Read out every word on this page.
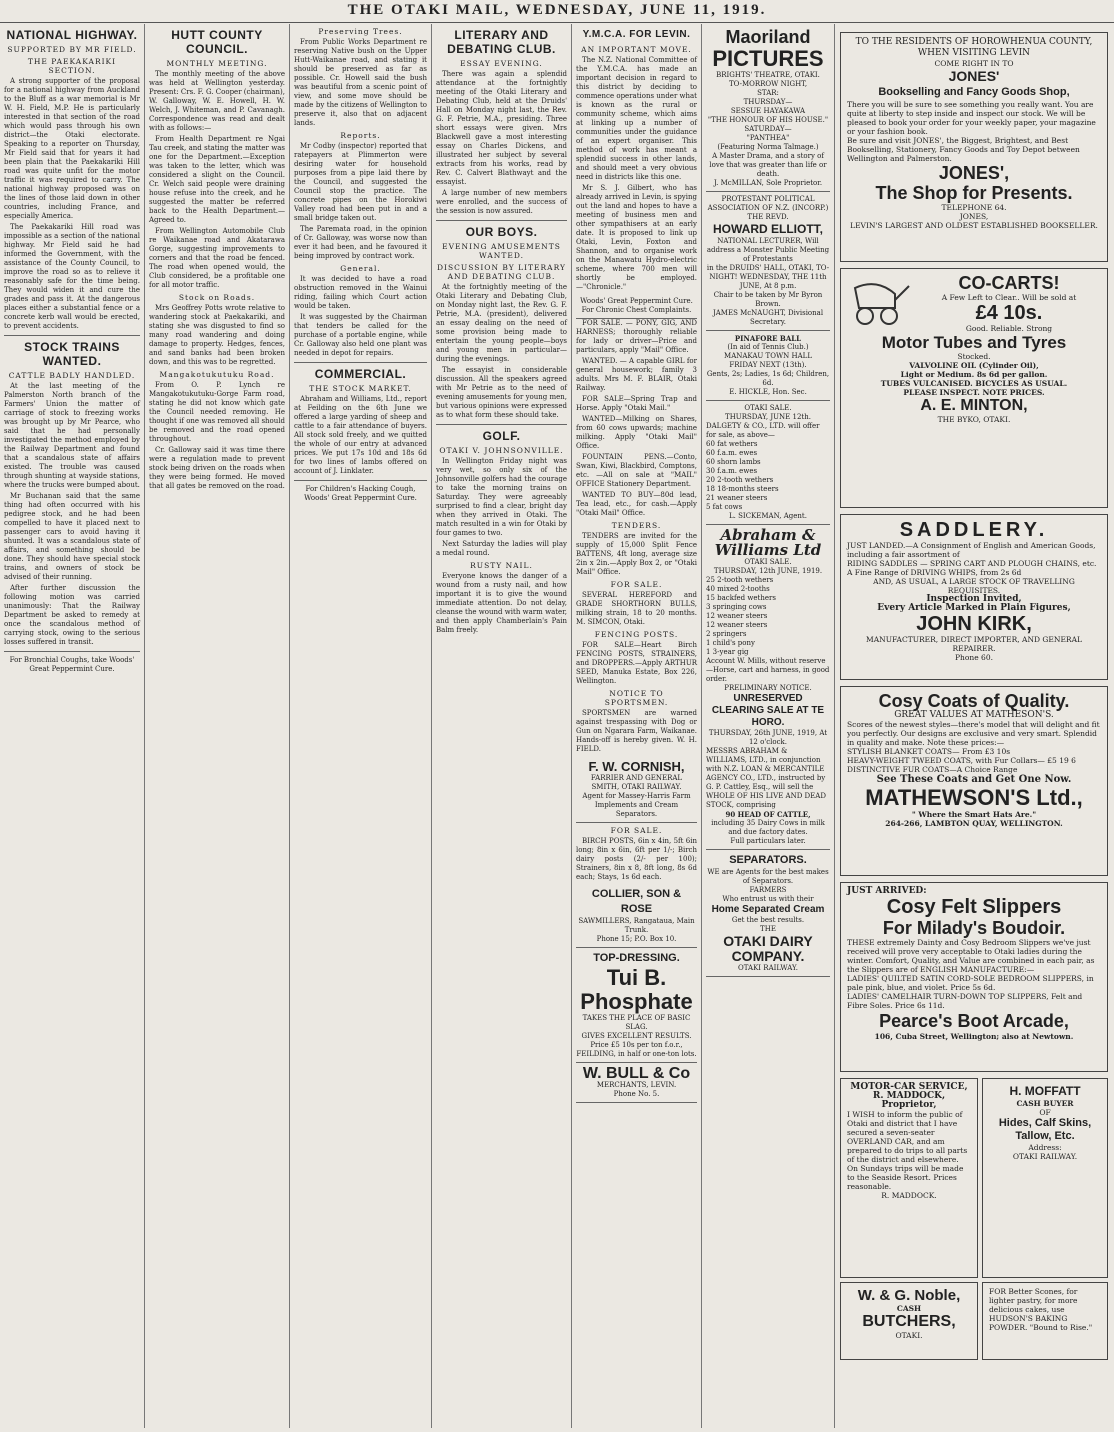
THE OTAKI MAIL, WEDNESDAY, JUNE 11, 1919.
NATIONAL HIGHWAY.
SUPPORTED BY MR FIELD.
THE PAEKAKARIKI SECTION.

A strong supporter of the proposal for a national highway from Auckland to the Bluff as a war memorial is Mr W. H. Field, M.P. He is particularly interested in that section of the road which would pass through his own district—the Otaki electorate. Speaking to a reporter on Thursday, Mr Field said that for years it had been plain that the Paekakariki Hill road was quite unfit for the motor traffic it was required to carry. The national highway proposed was on the lines of those laid down in other countries, including France, and especially America.

The Paekakariki Hill road was impossible as a section of the national highway. Mr Field said he had informed the Government, with the assistance of the County Council, to improve the road so as to relieve it reasonably safe for the time being. They would widen it and cure the grades and pass it. At the dangerous places either a substantial fence or a concrete kerb wall would be erected, to prevent accidents.

STOCK TRAINS WANTED.
CATTLE BADLY HANDLED.

At the last meeting of the Palmerston North branch of the Farmers' Union the matter of carriage of stock to freezing works was brought up by Mr Pearce, who said that he had personally investigated the method employed by the Railway Department and found that a scandalous state of affairs existed. The trouble was caused through shunting at wayside stations, where the trucks were bumped about.

Mr Buchanan said that the same thing had often occurred with his pedigree stock, and he had been compelled to have it placed next to passenger cars to avoid having it shunted. It was a scandalous state of affairs, and something should be done. They should have special stock trains, and owners of stock be advised of their running.

After further discussion the following motion was carried unanimously: That the Railway Department be asked to remedy at once the scandalous method of carrying stock, owing to the serious losses suffered in transit.

For Bronchial Coughs, take Woods' Great Peppermint Cure.

HUTT COUNTY COUNCIL.
MONTHLY MEETING.

The monthly meeting of the above was held at Wellington yesterday. Present: Crs. F. G. Cooper (chairman), W. Galloway, W. E. Howell, H. W. Welch, J. Whiteman, and P. Cavanagh. Correspondence was read and dealt with as follows:—

From Health Department re Ngai Tau creek, and stating the matter was one for the Department.—Exception was taken to the letter, which was considered a slight on the Council. Cr. Welch said people were draining house refuse into the creek, and he suggested the matter be referred back to the Health Department.—Agreed to.

From Wellington Automobile Club re Waikanae road and Akatarawa Gorge, suggesting improvements to corners and that the road be fenced. The road when opened would, the Club considered, be a profitable one for all motor traffic.

Stock on Roads.

Mrs Geoffrey Potts wrote relative to wandering stock at Paekakariki, and stating she was disgusted to find so many road wandering and doing damage to property. Hedges, fences, and sand banks had been broken down, and this was to be regretted.

Mangakotukutuku Road.

From O. P. Lynch re Mangakotukutuku-Gorge Farm road, stating he did not know which gate the Council needed removing. He thought if one was removed all should be removed and the road opened throughout.

Cr. Galloway said it was time there were a regulation made to prevent stock being driven on the roads when they were being formed. He moved that all gates be removed on the road.

Preserving Trees.

From Public Works Department re reserving Native bush on the Upper Hutt-Waikanae road, and stating it should be preserved as far as possible. Cr. Howell said the bush was beautiful from a scenic point of view, and some move should be made by the citizens of Wellington to preserve it, also that on adjacent lands.

Reports.

Mr Codby (inspector) reported that ratepayers at Plimmerton were desiring water for household purposes from a pipe laid there by the Council, and suggested the Council stop the practice. The concrete pipes on the Horokiwi Valley road had been put in and a small bridge taken out.

The Paremata road, in the opinion of Cr. Galloway, was worse now than ever it had been, and he favoured it being improved by contract work.

General.

It was decided to have a road obstruction removed in the Wainui riding, failing which Court action would be taken.

It was suggested by the Chairman that tenders be called for the purchase of a portable engine, while Cr. Galloway also held one plant was needed in depot for repairs.

COMMERCIAL.
THE STOCK MARKET.

Abraham and Williams, Ltd., report at Feilding on the 6th June we offered a large yarding of sheep and cattle to a fair attendance of buyers. All stock sold freely, and we quitted the whole of our entry at advanced prices. We put 17s 10d and 18s 6d for two lines of lambs offered on account of J. Linklater.

For Children's Hacking Cough, Woods' Great Peppermint Cure.

LITERARY AND DEBATING CLUB.
ESSAY EVENING.

There was again a splendid attendance at the fortnightly meeting of the Otaki Literary and Debating Club, held at the Druids' Hall on Monday night last, the Rev. G. F. Petrie, M.A., presiding. Three short essays were given. Mrs Blackwell gave a most interesting essay on Charles Dickens, and illustrated her subject by several extracts from his works, read by Rev. C. Calvert Blathwayt and the essayist.

A large number of new members were enrolled, and the success of the session is now assured.

OUR BOYS.
EVENING AMUSEMENTS WANTED.
DISCUSSION BY LITERARY AND DEBATING CLUB.

At the fortnightly meeting of the Otaki Literary and Debating Club, on Monday night last, the Rev. G. F. Petrie, M.A. (president), delivered an essay dealing on the need of some provision being made to entertain the young people—boys and young men in particular—during the evenings.

The essayist in considerable discussion. All the speakers agreed with Mr Petrie as to the need of evening amusements for young men, but various opinions were expressed as to what form these should take.

GOLF.
OTAKI V. JOHNSONVILLE.

In Wellington Friday night was very wet, so only six of the Johnsonville golfers had the courage to take the morning trains on Saturday. They were agreeably surprised to find a clear, bright day when they arrived in Otaki. The match resulted in a win for Otaki by four games to two.

Next Saturday the ladies will play a medal round.

RUSTY NAIL.

Everyone knows the danger of a wound from a rusty nail, and how important it is to give the wound immediate attention. Do not delay, cleanse the wound with warm water, and then apply Chamberlain's Pain Balm freely.

Y.M.C.A. FOR LEVIN.
AN IMPORTANT MOVE.

The N.Z. National Committee of the Y.M.C.A. has made an important decision in regard to this district by deciding to commence operations under what is known as the rural or community scheme, which aims at linking up a number of communities under the guidance of an expert organiser. This method of work has meant a splendid success in other lands, and should meet a very obvious need in districts like this one.

Mr S. J. Gilbert, who has already arrived in Levin, is spying out the land and hopes to have a meeting of business men and other sympathisers at an early date. It is proposed to link up Otaki, Levin, Foxton and Shannon, and to organise work on the Manawatu Hydro-electric scheme, where 700 men will shortly be employed.—"Chronicle."

Woods' Great Peppermint Cure. For Chronic Chest Complaints.

FOR SALE. — PONY, GIG, AND HARNESS; thoroughly reliable for lady or driver—Price and particulars, apply "Mail" Office.

WANTED. — A capable GIRL for general housework; family 3 adults. Mrs M. F. BLAIR, Otaki Railway.

FOR SALE—Spring Trap and Horse. Apply "Otaki Mail."

WANTED—Milking on Shares, from 60 cows upwards; machine milking. Apply "Otaki Mail" Office.

FOUNTAIN PENS.—Conto, Swan, Kiwi, Blackbird, Comptons, etc. —All on sale at "MAIL" OFFICE Stationery Department.

WANTED TO BUY—80d lead, Tea lead, etc., for cash.—Apply "Otaki Mail" Office.

TENDERS.

TENDERS are invited for the supply of 15,000 Split Fence BATTENS, 4ft long, average size 2in x 2in.—Apply Box 2, or "Otaki Mail" Office.

FOR SALE.

SEVERAL HEREFORD and GRADE SHORTHORN BULLS, milking strain, 18 to 20 months. M. SIMCON, Otaki.

FENCING POSTS.

FOR SALE—Heart Birch FENCING POSTS, STRAINERS, and DROPPERS.—Apply ARTHUR SEED, Manuka Estate, Box 226, Wellington.

NOTICE TO SPORTSMEN.

SPORTSMEN are warned against trespassing with Dog or Gun on Ngarara Farm, Waikanae. Hands-off is hereby given. W. H. FIELD.

F. W. CORNISH,
FARRIER AND GENERAL SMITH, OTAKI RAILWAY.
Agent for Massey-Harris Farm Implements and Cream Separators.
FOR SALE.

BIRCH POSTS, 6in x 4in, 5ft 6in long; 8in x 6in, 6ft per 1/-; Birch dairy posts (2/- per 100); Strainers, 8in x 8, 8ft long, 8s 6d each; Stays, 1s 6d each.

COLLIER, SON & ROSE
SAWMILLERS, Rangataua, Main Trunk.
Phone 15; P.O. Box 10.
TOP-DRESSING.
Tui B. Phosphate
TAKES THE PLACE OF BASIC SLAG.
GIVES EXCELLENT RESULTS.
Price £5 10s per ton f.o.r., FEILDING, in half or one-ton lots.
W. BULL & Co
MERCHANTS, LEVIN.
Phone No. 5.
Maoriland
PICTURES
BRIGHTS' THEATRE, OTAKI.
TO-MORROW NIGHT,
STAR:
THURSDAY—
SESSUE HAYAKAWA
"THE HONOUR OF HIS HOUSE."
SATURDAY—
"PANTHEA"
(Featuring Norma Talmage.)
A Master Drama, and a story of love that was greater than life or death.
J. McMILLAN, Sole Proprietor.
PROTESTANT POLITICAL ASSOCIATION OF N.Z. (INCORP.)
THE REVD.
HOWARD ELLIOTT,
NATIONAL LECTURER, Will address a Monster Public Meeting of Protestants
in the DRUIDS' HALL, OTAKI, TO-NIGHT! WEDNESDAY, THE 11th JUNE, At 8 p.m.
Chair to be taken by Mr Byron Brown.
JAMES McNAUGHT, Divisional Secretary.
PINAFORE BALL
(In aid of Tennis Club.)
MANAKAU TOWN HALL
FRIDAY NEXT (13th).
Gents, 2s; Ladies, 1s 6d; Children, 6d.
E. HICKLE, Hon. Sec.
OTAKI SALE.
THURSDAY, JUNE 12th.
DALGETY & CO., LTD. will offer for sale, as above—
60 fat wethers
60 f.a.m. ewes
60 shorn lambs
30 f.a.m. ewes
20 2-tooth wethers
18 18-months steers
21 weaner steers
5 fat cows
L. SICKEMAN, Agent.
Abraham & Williams Ltd
OTAKI SALE.
THURSDAY, 12th JUNE, 1919.
25 2-tooth wethers
40 mixed 2-tooths
15 backfed wethers
3 springing cows
12 weaner steers
12 weaner steers
2 springers
1 child's pony
1 3-year gig
Account W. Mills, without reserve—Horse, cart and harness, in good order.
PRELIMINARY NOTICE.
UNRESERVED CLEARING SALE AT TE HORO.
THURSDAY, 26th JUNE, 1919, At 12 o'clock.
MESSRS ABRAHAM & WILLIAMS, LTD., in conjunction with N.Z. LOAN & MERCANTILE AGENCY CO., LTD., instructed by G. P. Cattley, Esq., will sell the WHOLE OF HIS LIVE AND DEAD STOCK, comprising
90 HEAD OF CATTLE,
including 35 Dairy Cows in milk and due factory dates.
Full particulars later.
SEPARATORS.
WE are Agents for the best makes of Separators.
FARMERS
Who entrust us with their
Home Separated Cream
Get the best results.
THE
OTAKI DAIRY COMPANY.
OTAKI RAILWAY.
TO THE RESIDENTS OF HOROWHENUA COUNTY,
WHEN VISITING LEVIN
COME RIGHT IN TO
JONES'
Bookselling and Fancy Goods Shop,
There you will be sure to see something you really want. You are quite at liberty to step inside and inspect our stock. We will be pleased to book your order for your weekly paper, your magazine or your fashion book.
Be sure and visit JONES', the Biggest, Brightest, and Best Bookselling, Stationery, Fancy Goods and Toy Depot between Wellington and Palmerston.
JONES',
The Shop for Presents.
TELEPHONE 64.
JONES,
LEVIN'S LARGEST AND OLDEST ESTABLISHED BOOKSELLER.
CO-CARTS!
A Few Left to Clear.. Will be sold at
£4 10s.
Good. Reliable. Strong
Motor Tubes and Tyres
Stocked.
VALVOLINE OIL (Cylinder Oil),
Light or Medium. 8s 6d per gallon.
TUBES VULCANISED. BICYCLES AS USUAL.
PLEASE INSPECT. NOTE PRICES.
A. E. MINTON,
THE BYKO, OTAKI.
SADDLERY.
JUST LANDED.—A Consignment of English and American Goods, including a fair assortment of
RIDING SADDLES — SPRING CART AND PLOUGH CHAINS, etc.
A Fine Range of DRIVING WHIPS, from 2s 6d
AND, AS USUAL, A LARGE STOCK OF TRAVELLING REQUISITES.
Inspection Invited,
Every Article Marked in Plain Figures,
JOHN KIRK,
MANUFACTURER, DIRECT IMPORTER, AND GENERAL REPAIRER.
Phone 60.
Cosy Coats of Quality.
GREAT VALUES AT MATHESON'S.
Scores of the newest styles—there's model that will delight and fit you perfectly. Our designs are exclusive and very smart. Splendid in quality and make. Note these prices:—
STYLISH BLANKET COATS— From £3 10s
HEAVY-WEIGHT TWEED COATS, with Fur Collars— £5 19 6
DISTINCTIVE FUR COATS—A Choice Range
See These Coats and Get One Now.
MATHEWSON'S Ltd.,
" Where the Smart Hats Are."
264-266, LAMBTON QUAY, WELLINGTON.
JUST ARRIVED:
Cosy Felt Slippers
For Milady's Boudoir.
THESE extremely Dainty and Cosy Bedroom Slippers we've just received will prove very acceptable to Otaki ladies during the winter. Comfort, Quality, and Value are combined in each pair, as the Slippers are of ENGLISH MANUFACTURE:—
LADIES' QUILTED SATIN CORD-SOLE BEDROOM SLIPPERS, in pale pink, blue, and violet. Price 5s 6d.
LADIES' CAMELHAIR TURN-DOWN TOP SLIPPERS, Felt and Fibre Soles. Price 6s 11d.
Pearce's Boot Arcade,
106, Cuba Street, Wellington; also at Newtown.
MOTOR-CAR SERVICE,
R. MADDOCK, Proprietor,
I WISH to inform the public of Otaki and district that I have secured a seven-seater OVERLAND CAR, and am prepared to do trips to all parts of the district and elsewhere. On Sundays trips will be made to the Seaside Resort. Prices reasonable.
R. MADDOCK.
W. & G. Noble,
CASH
BUTCHERS,
OTAKI.
H. MOFFATT
CASH BUYER
OF
Hides, Calf Skins, Tallow, Etc.
Address:
OTAKI RAILWAY.
FOR Better Scones, for lighter pastry, for more delicious cakes, use HUDSON'S BAKING POWDER. "Bound to Rise."
